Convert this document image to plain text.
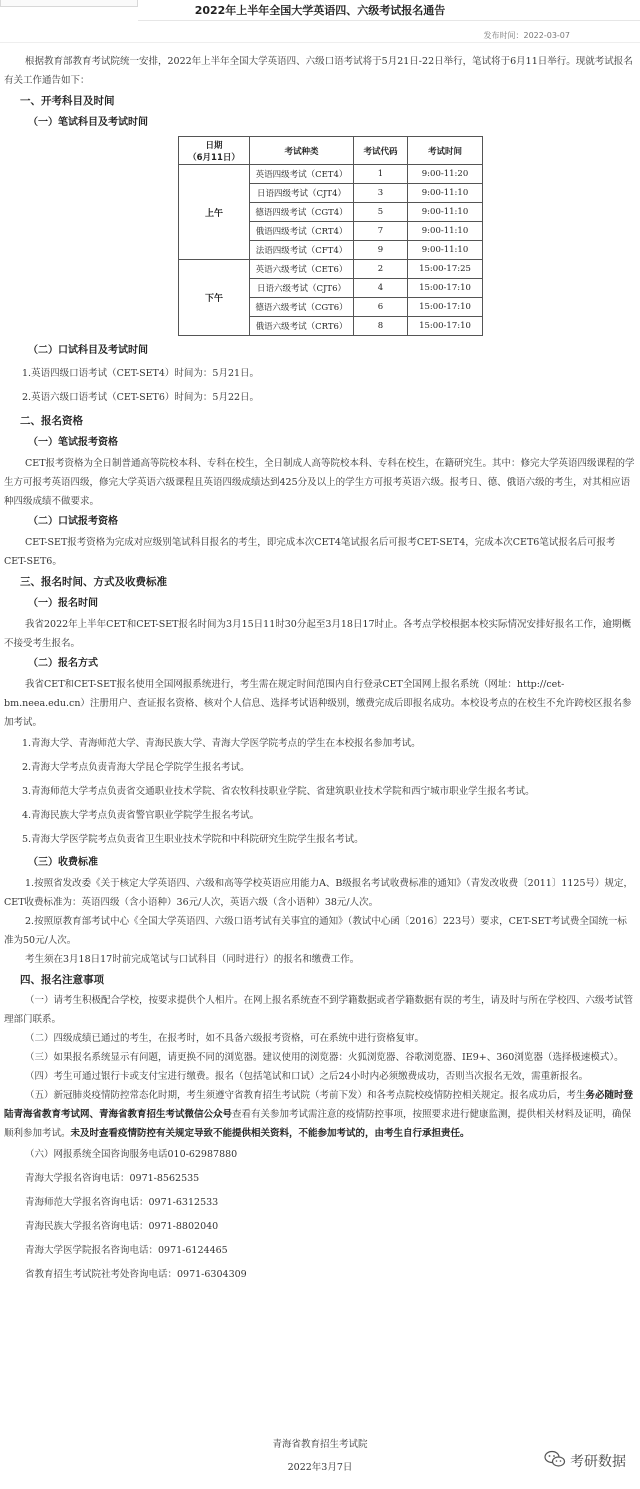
2022年上半年全国大学英语四、六级考试报名通告
发布时间：2022-03-07

根据教育部教育考试院统一安排，2022年上半年全国大学英语四、六级口语考试将于5月21日-22日举行，笔试将于6月11日举行。现就考试报名有关工作通告如下：

一、开考科目及时间
（一）笔试科目及考试时间
日期
（6月11日）	考试种类	考试代码	考试时间
上午	英语四级考试（CET4）	1	9:00-11:20
	日语四级考试（CJT4）	3	9:00-11:10
	德语四级考试（CGT4）	5	9:00-11:10
	俄语四级考试（CRT4）	7	9:00-11:10
	法语四级考试（CFT4）	9	9:00-11:10
下午	英语六级考试（CET6）	2	15:00-17:25
	日语六级考试（CJT6）	4	15:00-17:10
	德语六级考试（CGT6）	6	15:00-17:10
	俄语六级考试（CRT6）	8	15:00-17:10
（二）口试科目及考试时间
1.英语四级口语考试（CET-SET4）时间为：5月21日。
2.英语六级口语考试（CET-SET6）时间为：5月22日。
二、报名资格
（一）笔试报考资格

CET报考资格为全日制普通高等院校本科、专科在校生，全日制成人高等院校本科、专科在校生，在籍研究生。其中：修完大学英语四级课程的学生方可报考英语四级，修完大学英语六级课程且英语四级成绩达到425分及以上的学生方可报考英语六级。报考日、德、俄语六级的考生，对其相应语种四级成绩不做要求。

（二）口试报考资格

CET-SET报考资格为完成对应级别笔试科目报名的考生，即完成本次CET4笔试报名后可报考CET-SET4，完成本次CET6笔试报名后可报考CET-SET6。

三、报名时间、方式及收费标准
（一）报名时间

我省2022年上半年CET和CET-SET报名时间为3月15日11时30分起至3月18日17时止。各考点学校根据本校实际情况安排好报名工作，逾期概不接受考生报名。

（二）报名方式

我省CET和CET-SET报名使用全国网报系统进行，考生需在规定时间范围内自行登录CET全国网上报名系统（网址：http://cet-bm.neea.edu.cn）注册用户、查证报名资格、核对个人信息、选择考试语种级别，缴费完成后即报名成功。本校设考点的在校生不允许跨校区报名参加考试。

1.青海大学、青海师范大学、青海民族大学、青海大学医学院考点的学生在本校报名参加考试。
2.青海大学考点负责青海大学昆仑学院学生报名考试。
3.青海师范大学考点负责省交通职业技术学院、省农牧科技职业学院、省建筑职业技术学院和西宁城市职业学生报名考试。
4.青海民族大学考点负责省警官职业学院学生报名考试。
5.青海大学医学院考点负责省卫生职业技术学院和中科院研究生院学生报名考试。
（三）收费标准

1.按照省发改委《关于核定大学英语四、六级和高等学校英语应用能力A、B级报名考试收费标准的通知》（青发改收费〔2011〕1125号）规定，CET收费标准为：英语四级（含小语种）36元/人次，英语六级（含小语种）38元/人次。

2.按照原教育部考试中心《全国大学英语四、六级口语考试有关事宜的通知》（教试中心函〔2016〕223号）要求，CET-SET考试费全国统一标准为50元/人次。

考生须在3月18日17时前完成笔试与口试科目（同时进行）的报名和缴费工作。

四、报名注意事项

（一）请考生积极配合学校，按要求提供个人相片。在网上报名系统查不到学籍数据或者学籍数据有误的考生，请及时与所在学校四、六级考试管理部门联系。

（二）四级成绩已通过的考生，在报考时，如不具备六级报考资格，可在系统中进行资格复审。

（三）如果报名系统显示有问题，请更换不同的浏览器。建议使用的浏览器：火狐浏览器、谷歌浏览器、IE9+、360浏览器（选择极速模式）。

（四）考生可通过银行卡或支付宝进行缴费。报名（包括笔试和口试）之后24小时内必须缴费成功，否则当次报名无效，需重新报名。

（五）新冠肺炎疫情防控常态化时期，考生须遵守省教育招生考试院（考前下发）和各考点院校疫情防控相关规定。报名成功后，考生务必随时登陆青海省教育考试网、青海省教育招生考试微信公众号查看有关参加考试需注意的疫情防控事项，按照要求进行健康监测，提供相关材料及证明，确保顺利参加考试。未及时查看疫情防控有关规定导致不能提供相关资料，不能参加考试的，由考生自行承担责任。

（六）网报系统全国咨询服务电话010-62987880

青海大学报名咨询电话：0971-8562535

青海师范大学报名咨询电话：0971-6312533

青海民族大学报名咨询电话：0971-8802040

青海大学医学院报名咨询电话：0971-6124465

省教育招生考试院社考处咨询电话：0971-6304309

青海省教育招生考试院
2022年3月7日	考研数据
